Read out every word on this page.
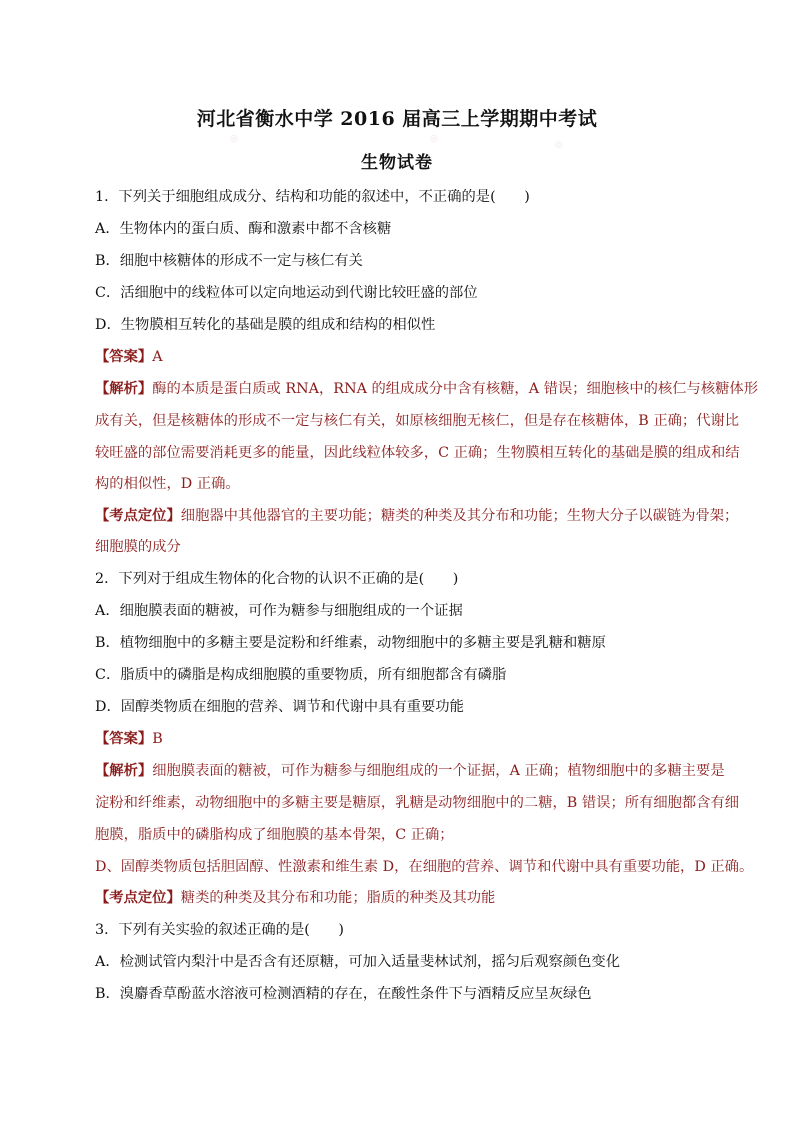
◎	◎
◎
河北省衡水中学 2016 届高三上学期期中考试
生物试卷
1．下列关于细胞组成成分、结构和功能的叙述中，不正确的是(　　)
A．生物体内的蛋白质、酶和激素中都不含核糖
B．细胞中核糖体的形成不一定与核仁有关
C．活细胞中的线粒体可以定向地运动到代谢比较旺盛的部位
D．生物膜相互转化的基础是膜的组成和结构的相似性
【答案】A
【解析】酶的本质是蛋白质或 RNA，RNA 的组成成分中含有核糖，A 错误；细胞核中的核仁与核糖体形
成有关，但是核糖体的形成不一定与核仁有关，如原核细胞无核仁，但是存在核糖体，B 正确；代谢比
较旺盛的部位需要消耗更多的能量，因此线粒体较多，C 正确；生物膜相互转化的基础是膜的组成和结
构的相似性，D 正确。
【考点定位】细胞器中其他器官的主要功能；糖类的种类及其分布和功能；生物大分子以碳链为骨架；
细胞膜的成分
2．下列对于组成生物体的化合物的认识不正确的是(　　)
A．细胞膜表面的糖被，可作为糖参与细胞组成的一个证据
B．植物细胞中的多糖主要是淀粉和纤维素，动物细胞中的多糖主要是乳糖和糖原
C．脂质中的磷脂是构成细胞膜的重要物质，所有细胞都含有磷脂
D．固醇类物质在细胞的营养、调节和代谢中具有重要功能
【答案】B
【解析】细胞膜表面的糖被，可作为糖参与细胞组成的一个证据，A 正确；植物细胞中的多糖主要是
淀粉和纤维素，动物细胞中的多糖主要是糖原，乳糖是动物细胞中的二糖，B 错误；所有细胞都含有细
胞膜，脂质中的磷脂构成了细胞膜的基本骨架，C 正确；
D、固醇类物质包括胆固醇、性激素和维生素 D，在细胞的营养、调节和代谢中具有重要功能，D 正确。
【考点定位】糖类的种类及其分布和功能；脂质的种类及其功能
3．下列有关实验的叙述正确的是(　　)
A．检测试管内梨汁中是否含有还原糖，可加入适量斐林试剂，摇匀后观察颜色变化
B．溴麝香草酚蓝水溶液可检测酒精的存在，在酸性条件下与酒精反应呈灰绿色
